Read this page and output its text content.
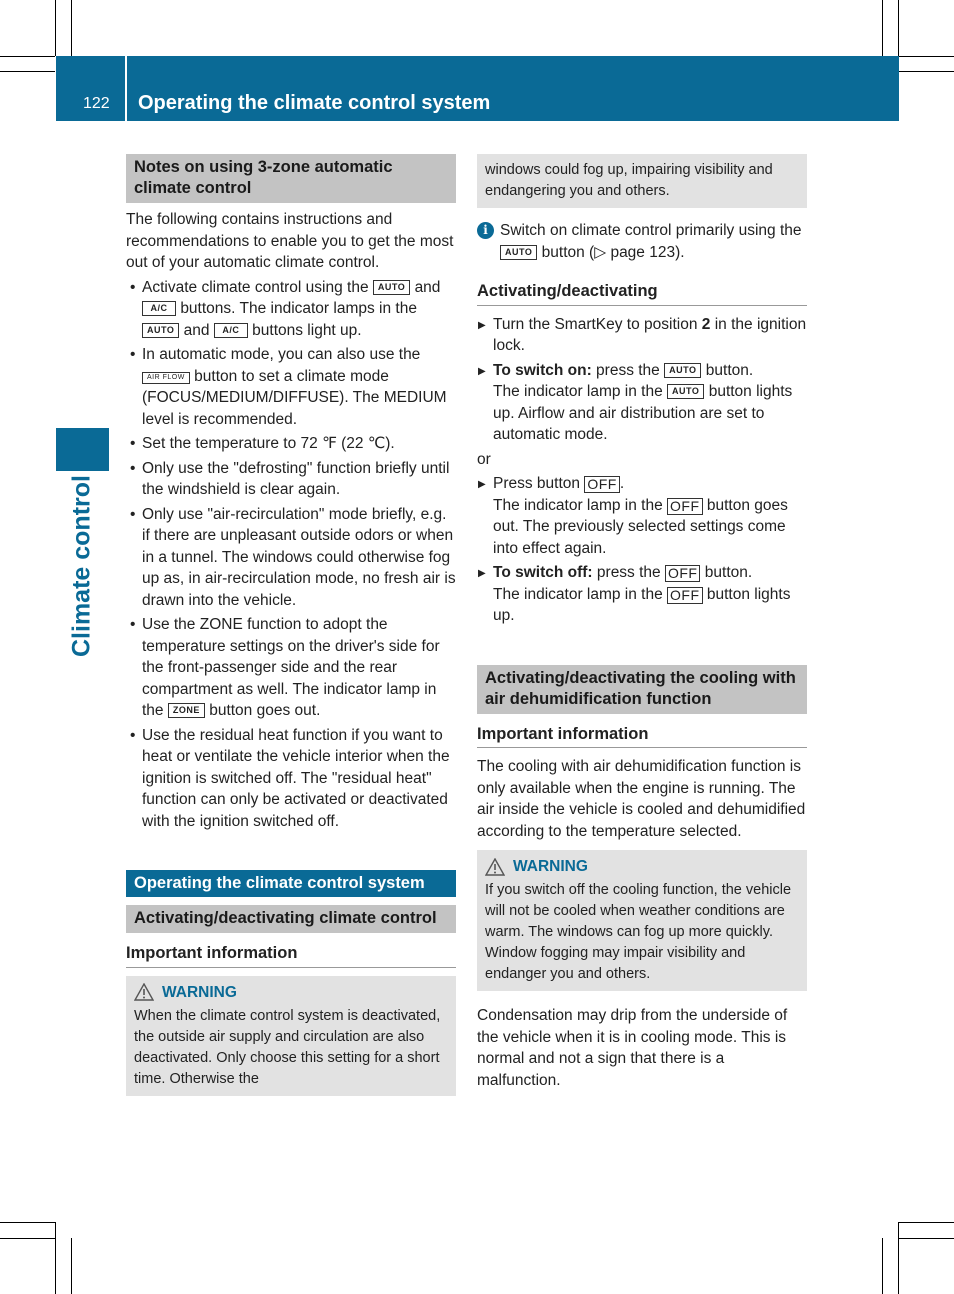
122 Operating the climate control system
Climate control
Notes on using 3-zone automatic climate control

The following contains instructions and recommendations to enable you to get the most out of your automatic climate control.

• Activate climate control using the AUTO and A/C buttons. The indicator lamps in the AUTO and A/C buttons light up.
• In automatic mode, you can also use the AIR FLOW button to set a climate mode (FOCUS/MEDIUM/DIFFUSE). The MEDIUM level is recommended.
• Set the temperature to 72 ℉ (22 ℃).
• Only use the "defrosting" function briefly until the windshield is clear again.
• Only use "air-recirculation" mode briefly, e.g. if there are unpleasant outside odors or when in a tunnel. The windows could otherwise fog up as, in air-recirculation mode, no fresh air is drawn into the vehicle.
• Use the ZONE function to adopt the temperature settings on the driver's side for the front-passenger side and the rear compartment as well. The indicator lamp in the ZONE button goes out.
• Use the residual heat function if you want to heat or ventilate the vehicle interior when the ignition is switched off. The "residual heat" function can only be activated or deactivated with the ignition switched off.
Operating the climate control system
Activating/deactivating climate control
Important information
WARNING

When the climate control system is deactivated, the outside air supply and circulation are also deactivated. Only choose this setting for a short time. Otherwise the

windows could fog up, impairing visibility and endangering you and others.

i Switch on climate control primarily using the AUTO button (▷ page 123).

Activating/deactivating
▶ Turn the SmartKey to position 2 in the ignition lock.
▶ To switch on: press the AUTO button.
The indicator lamp in the AUTO button lights up. Airflow and air distribution are set to automatic mode.

or

▶ Press button OFF .
The indicator lamp in the OFF button goes out. The previously selected settings come into effect again.
▶ To switch off: press the OFF button.
The indicator lamp in the OFF button lights up.
Activating/deactivating the cooling with air dehumidification function
Important information

The cooling with air dehumidification function is only available when the engine is running. The air inside the vehicle is cooled and dehumidified according to the temperature selected.

WARNING

If you switch off the cooling function, the vehicle will not be cooled when weather conditions are warm. The windows can fog up more quickly. Window fogging may impair visibility and endanger you and others.

Condensation may drip from the underside of the vehicle when it is in cooling mode. This is normal and not a sign that there is a malfunction.
